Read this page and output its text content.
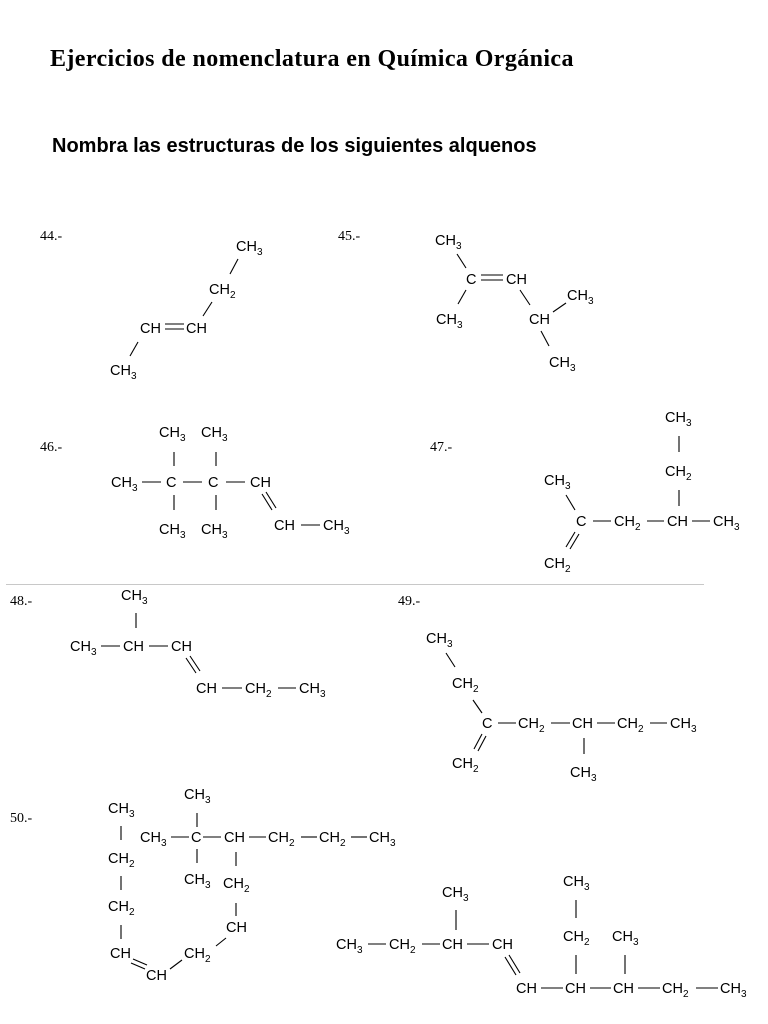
Ejercicios de nomenclatura en Química Orgánica
Nombra las estructuras de los siguientes alquenos
44.-	45.-
46.-	47.-
48.-	49.-
50.-
$CH_3$
$CH_2$
CH CH
$CH_3$
$CH_3$
C CH
$CH_3$	CH
$CH_3$
$CH_3$
$CH_3$ $CH_3$
$CH_3$ C C CH
$CH_3$ $CH_3$
CH $CH_3$
$CH_3$
$CH_2$
$CH_3$
C $CH_2$ CH $CH_3$
$CH_2$
$CH_3$
$CH_3$ CH CH
CH $CH_2$ $CH_3$
$CH_3$
$CH_2$
C $CH_2$ CH $CH_2$ $CH_3$
$CH_3$
$CH_2$
$CH_3$
$CH_2$
$CH_2$
CH
CH
$CH_2$
CH
$CH_2$
CH
C
$CH_3$
$CH_3$
$CH_3$
$CH_2$ $CH_2$ $CH_3$
$CH_3$ $CH_2$ CH
$CH_3$
CH
CH CH
$CH_2$
$CH_3$
CH
$CH_3$
$CH_2$ $CH_3$
